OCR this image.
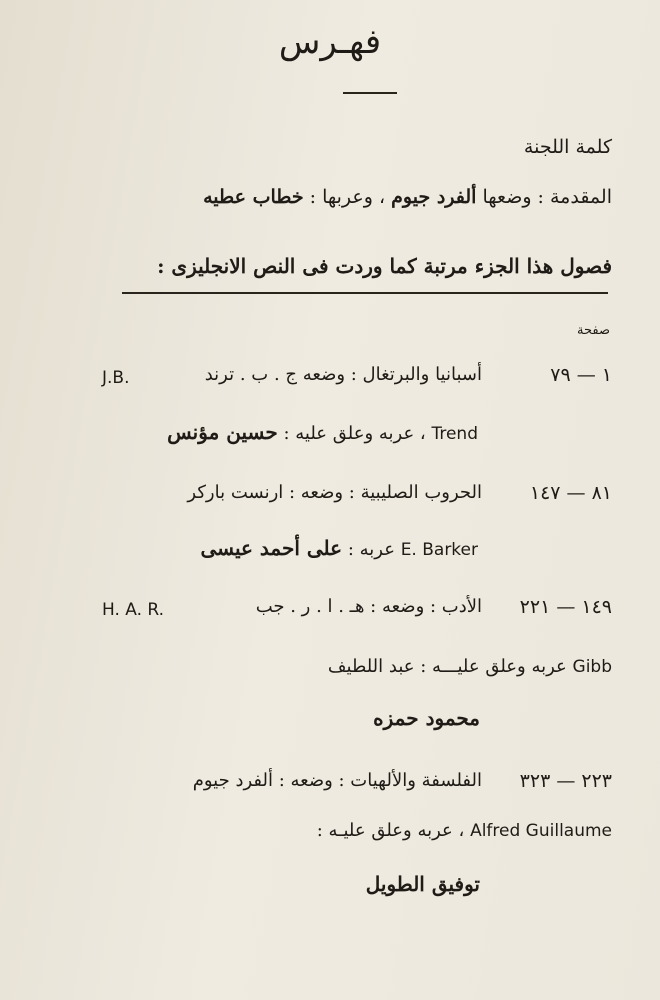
فهـرس
كلمة اللجنة
المقدمة : وضعها ألفرد جيوم ، وعربها : خطاب عطيه
فصول هذا الجزء مرتبة كما وردت فى النص الانجليزى :
صفحة
١ — ٧٩
أسبانيا والبرتغال : وضعه ج . ب . ترند
J.B.
Trend ، عربه وعلق عليه : حسين مؤنس
٨١ — ١٤٧
الحروب الصليبية : وضعه : ارنست باركر
E. Barker عربه : على أحمد عيسى
١٤٩ — ٢٢١
الأدب : وضعه : هـ . ا . ر . جب
H. A. R.
Gibb عربه وعلق عليـــه : عبد اللطيف
محمود حمزه
٢٢٣ — ٣٢٣
الفلسفة والألهيات : وضعه : ألفرد جيوم
Alfred Guillaume ، عربه وعلق عليـه :
توفيق الطويل
